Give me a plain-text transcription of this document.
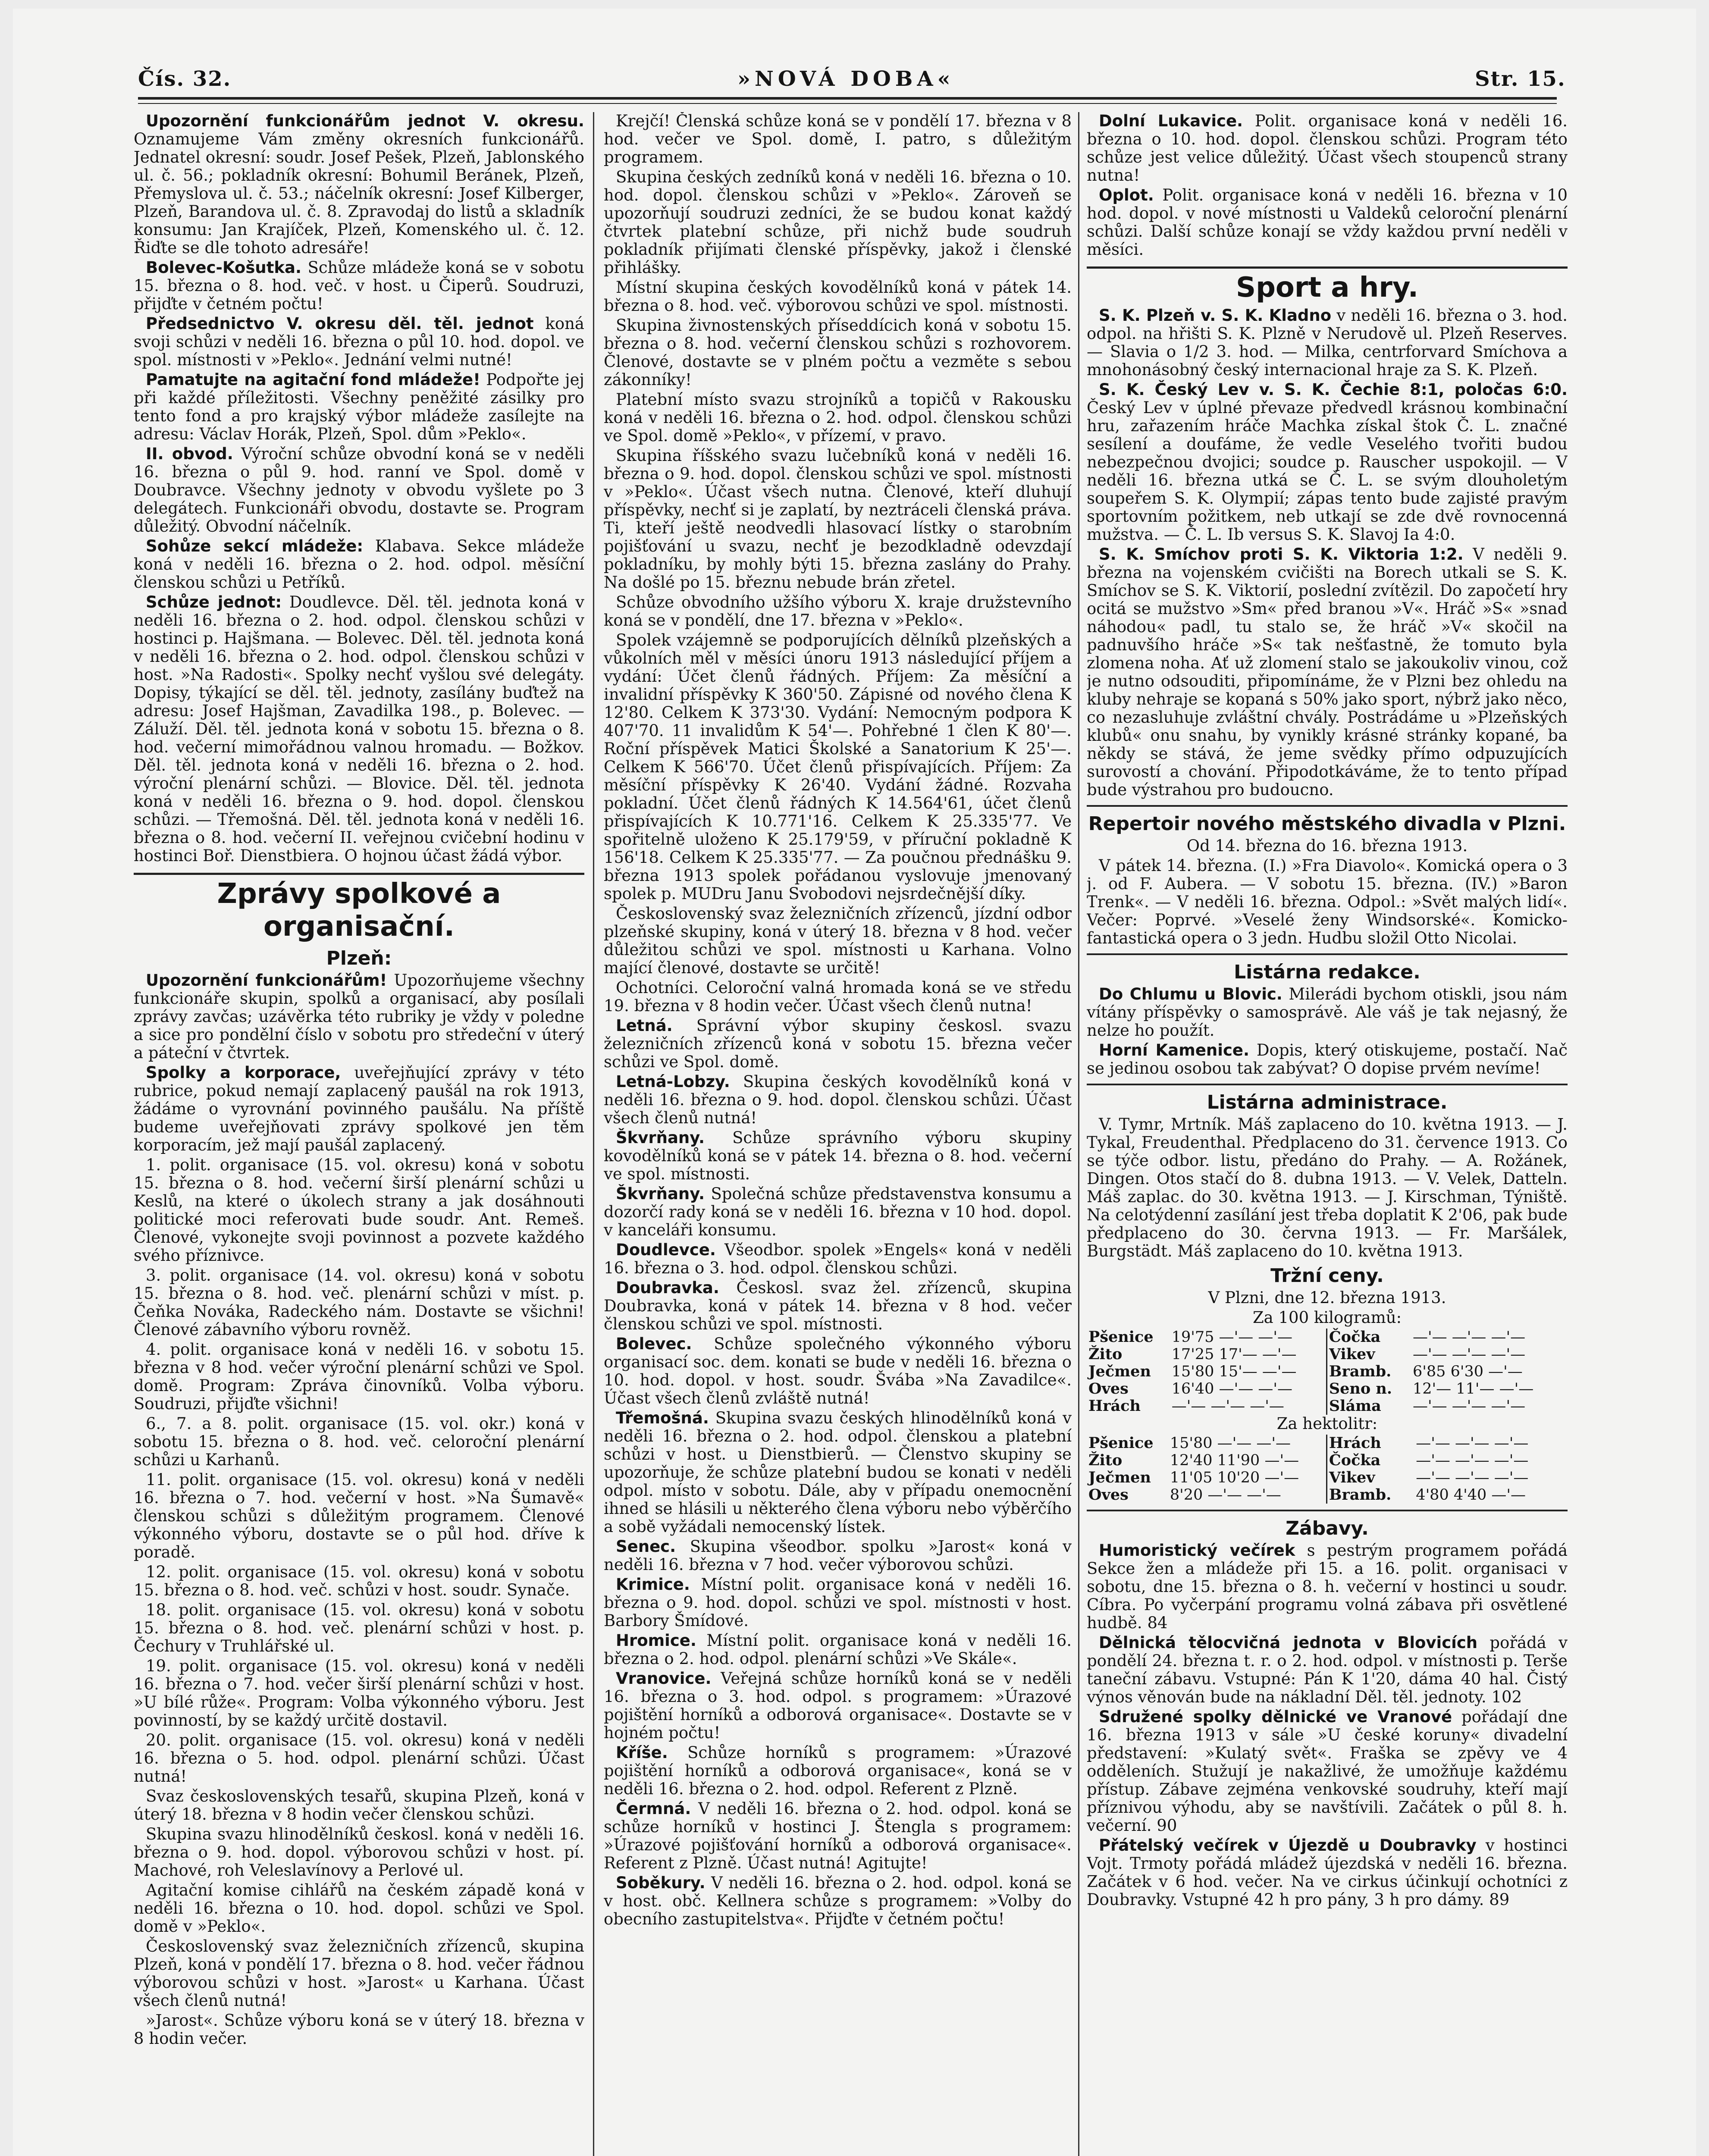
Čís. 32.	»NOVÁ DOBA«	Str. 15.

Upozornění funkcionářům jednot V. okresu. Oznamujeme Vám změny okresních funkcionářů. Jednatel okresní: soudr. Josef Pešek, Plzeň, Jablonského ul. č. 56.; pokladník okresní: Bohumil Beránek, Plzeň, Přemyslova ul. č. 53.; náčelník okresní: Josef Kilberger, Plzeň, Barandova ul. č. 8. Zpravodaj do listů a skladník konsumu: Jan Krajíček, Plzeň, Komenského ul. č. 12. Řiďte se dle tohoto adresáře!

Bolevec-Košutka. Schůze mládeže koná se v sobotu 15. března o 8. hod. več. v host. u Čiperů. Soudruzi, přijďte v četném počtu!

Předsednictvo V. okresu děl. těl. jednot koná svoji schůzi v neděli 16. března o půl 10. hod. dopol. ve spol. místnosti v »Peklo«. Jednání velmi nutné!

Pamatujte na agitační fond mládeže! Podpořte jej při každé příležitosti. Všechny peněžité zásilky pro tento fond a pro krajský výbor mládeže zasílejte na adresu: Václav Horák, Plzeň, Spol. dům »Peklo«.

II. obvod. Výroční schůze obvodní koná se v neděli 16. března o půl 9. hod. ranní ve Spol. domě v Doubravce. Všechny jednoty v obvodu vyšlete po 3 delegátech. Funkcionáři obvodu, dostavte se. Program důležitý. Obvodní náčelník.

Sohůze sekcí mládeže: Klabava. Sekce mládeže koná v neděli 16. března o 2. hod. odpol. měsíční členskou schůzi u Petříků.

Schůze jednot: Doudlevce. Děl. těl. jednota koná v neděli 16. března o 2. hod. odpol. členskou schůzi v hostinci p. Hajšmana. — Bolevec. Děl. těl. jednota koná v neděli 16. března o 2. hod. odpol. členskou schůzi v host. »Na Radosti«. Spolky nechť vyšlou své delegáty. Dopisy, týkající se děl. těl. jednoty, zasílány buďtež na adresu: Josef Hajšman, Zavadilka 198., p. Bolevec. — Záluží. Děl. těl. jednota koná v sobotu 15. března o 8. hod. večerní mimořádnou valnou hromadu. — Božkov. Děl. těl. jednota koná v neděli 16. března o 2. hod. výroční plenární schůzi. — Blovice. Děl. těl. jednota koná v neděli 16. března o 9. hod. dopol. členskou schůzi. — Třemošná. Děl. těl. jednota koná v neděli 16. března o 8. hod. večerní II. veřejnou cvičební hodinu v hostinci Boř. Dienstbiera. O hojnou účast žádá výbor.

Zprávy spolkové a organisační.
Plzeň:

Upozornění funkcionářům! Upozorňujeme všechny funkcionáře skupin, spolků a organisací, aby posílali zprávy zavčas; uzávěrka této rubriky je vždy v poledne a sice pro pondělní číslo v sobotu pro středeční v úterý a páteční v čtvrtek.

Spolky a korporace, uveřejňující zprávy v této rubrice, pokud nemají zaplacený paušál na rok 1913, žádáme o vyrovnání povinného paušálu. Na příště budeme uveřejňovati zprávy spolkové jen těm korporacím, jež mají paušál zaplacený.

1. polit. organisace (15. vol. okresu) koná v sobotu 15. března o 8. hod. večerní širší plenární schůzi u Keslů, na které o úkolech strany a jak dosáhnouti politické moci referovati bude soudr. Ant. Remeš. Členové, vykonejte svoji povinnost a pozvete každého svého příznivce.

3. polit. organisace (14. vol. okresu) koná v sobotu 15. března o 8. hod. več. plenární schůzi v míst. p. Čeňka Nováka, Radeckého nám. Dostavte se všichni! Členové zábavního výboru rovněž.

4. polit. organisace koná v neděli 16. v sobotu 15. března v 8 hod. večer výroční plenární schůzi ve Spol. domě. Program: Zpráva činovníků. Volba výboru. Soudruzi, přijďte všichni!

6., 7. a 8. polit. organisace (15. vol. okr.) koná v sobotu 15. března o 8. hod. več. celoroční plenární schůzi u Karhanů.

11. polit. organisace (15. vol. okresu) koná v neděli 16. března o 7. hod. večerní v host. »Na Šumavě« členskou schůzi s důležitým programem. Členové výkonného výboru, dostavte se o půl hod. dříve k poradě.

12. polit. organisace (15. vol. okresu) koná v sobotu 15. března o 8. hod. več. schůzi v host. soudr. Synače.

18. polit. organisace (15. vol. okresu) koná v sobotu 15. března o 8. hod. več. plenární schůzi v host. p. Čechury v Truhlářské ul.

19. polit. organisace (15. vol. okresu) koná v neděli 16. března o 7. hod. večer širší plenární schůzi v host. »U bílé růže«. Program: Volba výkonného výboru. Jest povinností, by se každý určitě dostavil.

20. polit. organisace (15. vol. okresu) koná v neděli 16. března o 5. hod. odpol. plenární schůzi. Účast nutná!

Svaz československých tesařů, skupina Plzeň, koná v úterý 18. března v 8 hodin večer členskou schůzi.

Skupina svazu hlinodělníků českosl. koná v neděli 16. března o 9. hod. dopol. výborovou schůzi v host. pí. Machové, roh Veleslavínovy a Perlové ul.

Agitační komise cihlářů na českém západě koná v neděli 16. března o 10. hod. dopol. schůzi ve Spol. domě v »Peklo«.

Československý svaz železničních zřízenců, skupina Plzeň, koná v pondělí 17. března o 8. hod. večer řádnou výborovou schůzi v host. »Jarost« u Karhana. Účast všech členů nutná!

»Jarost«. Schůze výboru koná se v úterý 18. března v 8 hodin večer.

Krejčí! Členská schůze koná se v pondělí 17. března v 8 hod. večer ve Spol. domě, I. patro, s důležitým programem.

Skupina českých zedníků koná v neděli 16. března o 10. hod. dopol. členskou schůzi v »Peklo«. Zároveň se upozorňují soudruzi zedníci, že se budou konat každý čtvrtek platební schůze, při nichž bude soudruh pokladník přijímati členské příspěvky, jakož i členské přihlášky.

Místní skupina českých kovodělníků koná v pátek 14. března o 8. hod. več. výborovou schůzi ve spol. místnosti.

Skupina živnostenských příseddícich koná v sobotu 15. března o 8. hod. večerní členskou schůzi s rozhovorem. Členové, dostavte se v plném počtu a vezměte s sebou zákonníky!

Platební místo svazu strojníků a topičů v Rakousku koná v neděli 16. března o 2. hod. odpol. členskou schůzi ve Spol. domě »Peklo«, v přízemí, v pravo.

Skupina říšského svazu lučebníků koná v neděli 16. března o 9. hod. dopol. členskou schůzi ve spol. místnosti v »Peklo«. Účast všech nutna. Členové, kteří dluhují příspěvky, nechť si je zaplatí, by neztráceli členská práva. Ti, kteří ještě neodvedli hlasovací lístky o starobním pojišťování u svazu, nechť je bezodkladně odevzdají pokladníku, by mohly býti 15. března zaslány do Prahy. Na došlé po 15. březnu nebude brán zřetel.

Schůze obvodního užšího výboru X. kraje družstevního koná se v pondělí, dne 17. března v »Peklo«.

Spolek vzájemně se podporujících dělníků plzeňských a vůkolních měl v měsíci únoru 1913 následující příjem a vydání: Účet členů řádných. Příjem: Za měsíční a invalidní příspěvky K 360'50. Zápisné od nového člena K 12'80. Celkem K 373'30. Vydání: Nemocným podpora K 407'70. 11 invalidům K 54'—. Pohřebné 1 člen K 80'—. Roční příspěvek Matici Školské a Sanatorium K 25'—. Celkem K 566'70. Účet členů přispívajících. Příjem: Za měsíční příspěvky K 26'40. Vydání žádné. Rozvaha pokladní. Účet členů řádných K 14.564'61, účet členů přispívajících K 10.771'16. Celkem K 25.335'77. Ve spořitelně uloženo K 25.179'59, v příruční pokladně K 156'18. Celkem K 25.335'77. — Za poučnou přednášku 9. března 1913 spolek pořádanou vyslovuje jmenovaný spolek p. MUDru Janu Svobodovi nejsrdečnější díky.

Československý svaz železničních zřízenců, jízdní odbor plzeňské skupiny, koná v úterý 18. března v 8 hod. večer důležitou schůzi ve spol. místnosti u Karhana. Volno mající členové, dostavte se určitě!

Ochotníci. Celoroční valná hromada koná se ve středu 19. března v 8 hodin večer. Účast všech členů nutna!

Letná. Správní výbor skupiny českosl. svazu železničních zřízenců koná v sobotu 15. března večer schůzi ve Spol. domě.

Letná-Lobzy. Skupina českých kovodělníků koná v neděli 16. března o 9. hod. dopol. členskou schůzi. Účast všech členů nutná!

Škvrňany. Schůze správního výboru skupiny kovodělníků koná se v pátek 14. března o 8. hod. večerní ve spol. místnosti.

Škvrňany. Společná schůze představenstva konsumu a dozorčí rady koná se v neděli 16. března v 10 hod. dopol. v kanceláři konsumu.

Doudlevce. Všeodbor. spolek »Engels« koná v neděli 16. března o 3. hod. odpol. členskou schůzi.

Doubravka. Českosl. svaz žel. zřízenců, skupina Doubravka, koná v pátek 14. března v 8 hod. večer členskou schůzi ve spol. místnosti.

Bolevec. Schůze společného výkonného výboru organisací soc. dem. konati se bude v neděli 16. března o 10. hod. dopol. v host. soudr. Švába »Na Zavadilce«. Účast všech členů zvláště nutná!

Třemošná. Skupina svazu českých hlinodělníků koná v neděli 16. března o 2. hod. odpol. členskou a platební schůzi v host. u Dienstbierů. — Členstvo skupiny se upozorňuje, že schůze platební budou se konati v neděli odpol. místo v sobotu. Dále, aby v případu onemocnění ihned se hlásili u některého člena výboru nebo výběrčího a sobě vyžádali nemocenský lístek.

Senec. Skupina všeodbor. spolku »Jarost« koná v neděli 16. března v 7 hod. večer výborovou schůzi.

Krimice. Místní polit. organisace koná v neděli 16. března o 9. hod. dopol. schůzi ve spol. místnosti v host. Barbory Šmídové.

Hromice. Místní polit. organisace koná v neděli 16. března o 2. hod. odpol. plenární schůzi »Ve Skále«.

Vranovice. Veřejná schůze horníků koná se v neděli 16. března o 3. hod. odpol. s programem: »Úrazové pojištění horníků a odborová organisace«. Dostavte se v hojném počtu!

Kříše. Schůze horníků s programem: »Úrazové pojištění horníků a odborová organisace«, koná se v neděli 16. března o 2. hod. odpol. Referent z Plzně.

Čermná. V neděli 16. března o 2. hod. odpol. koná se schůze horníků v hostinci J. Štengla s programem: »Úrazové pojišťování horníků a odborová organisace«. Referent z Plzně. Účast nutná! Agitujte!

Soběkury. V neděli 16. března o 2. hod. odpol. koná se v host. obč. Kellnera schůze s programem: »Volby do obecního zastupitelstva«. Přijďte v četném počtu!

Dolní Lukavice. Polit. organisace koná v neděli 16. března o 10. hod. dopol. členskou schůzi. Program této schůze jest velice důležitý. Účast všech stoupenců strany nutna!

Oplot. Polit. organisace koná v neděli 16. března v 10 hod. dopol. v nové místnosti u Valdeků celoroční plenární schůzi. Další schůze konají se vždy každou první neděli v měsíci.

Sport a hry.

S. K. Plzeň v. S. K. Kladno v neděli 16. března o 3. hod. odpol. na hřišti S. K. Plzně v Nerudově ul. Plzeň Reserves. — Slavia o 1/2 3. hod. — Milka, centrforvard Smíchova a mnohonásobný český internacional hraje za S. K. Plzeň.

S. K. Český Lev v. S. K. Čechie 8:1, poločas 6:0. Český Lev v úplné převaze předvedl krásnou kombinační hru, zařazením hráče Machka získal štok Č. L. značné sesílení a doufáme, že vedle Veselého tvořiti budou nebezpečnou dvojici; soudce p. Rauscher uspokojil. — V neděli 16. března utká se Č. L. se svým dlouholetým soupeřem S. K. Olympií; zápas tento bude zajisté pravým sportovním požitkem, neb utkají se zde dvě rovnocenná mužstva. — Č. L. Ib versus S. K. Slavoj Ia 4:0.

S. K. Smíchov proti S. K. Viktoria 1:2. V neděli 9. března na vojenském cvičišti na Borech utkali se S. K. Smíchov se S. K. Viktorií, poslední zvítězil. Do započetí hry ocitá se mužstvo »Sm« před branou »V«. Hráč »S« »snad náhodou« padl, tu stalo se, že hráč »V« skočil na padnuvšího hráče »S« tak nešťastně, že tomuto byla zlomena noha. Ať už zlomení stalo se jakoukoliv vinou, což je nutno odsouditi, připomínáme, že v Plzni bez ohledu na kluby nehraje se kopaná s 50% jako sport, nýbrž jako něco, co nezasluhuje zvláštní chvály. Postrádáme u »Plzeňských klubů« onu snahu, by vynikly krásné stránky kopané, ba někdy se stává, že jeme svědky přímo odpuzujících surovostí a chování. Připodotkáváme, že to tento případ bude výstrahou pro budoucno.

Repertoir nového městského divadla v Plzni.

Od 14. března do 16. března 1913.

V pátek 14. března. (I.) »Fra Diavolo«. Komická opera o 3 j. od F. Aubera. — V sobotu 15. března. (IV.) »Baron Trenk«. — V neděli 16. března. Odpol.: »Svět malých lidí«. Večer: Poprvé. »Veselé ženy Windsorské«. Komicko-fantastická opera o 3 jedn. Hudbu složil Otto Nicolai.

Listárna redakce.

Do Chlumu u Blovic. Milerádi bychom otiskli, jsou nám vítány příspěvky o samosprávě. Ale váš je tak nejasný, že nelze ho použít.

Horní Kamenice. Dopis, který otiskujeme, postačí. Nač se jedinou osobou tak zabývat? O dopise prvém nevíme!

Listárna administrace.

V. Tymr, Mrtník. Máš zaplaceno do 10. května 1913. — J. Tykal, Freudenthal. Předplaceno do 31. července 1913. Co se týče odbor. listu, předáno do Prahy. — A. Rožánek, Dingen. Otos stačí do 8. dubna 1913. — V. Velek, Datteln. Máš zaplac. do 30. května 1913. — J. Kirschman, Týniště. Na celotýdenní zasílání jest třeba doplatit K 2'06, pak bude předplaceno do 30. června 1913. — Fr. Maršálek, Burgstädt. Máš zaplaceno do 10. května 1913.

Tržní ceny.

V Plzni, dne 12. března 1913.

Za 100 kilogramů:

Pšenice	19'75 —'— —'—
Žito	17'25 17'— —'—
Ječmen	15'80 15'— —'—
Oves	16'40 —'— —'—
Hrách	—'— —'— —'—
Čočka	—'— —'— —'—
Vikev	—'— —'— —'—
Bramb.	6'85 6'30 —'—
Seno n.	12'— 11'— —'—
Sláma	—'— —'— —'—

Za hektolitr:

Pšenice	15'80 —'— —'—
Žito	12'40 11'90 —'—
Ječmen	11'05 10'20 —'—
Oves	8'20 —'— —'—
Hrách	—'— —'— —'—
Čočka	—'— —'— —'—
Vikev	—'— —'— —'—
Bramb.	4'80 4'40 —'—
Zábavy.

Humoristický večírek s pestrým programem pořádá Sekce žen a mládeže při 15. a 16. polit. organisaci v sobotu, dne 15. března o 8. h. večerní v hostinci u soudr. Cíbra. Po vyčerpání programu volná zábava při osvětlené hudbě. 84

Dělnická tělocvičná jednota v Blovicích pořádá v pondělí 24. března t. r. o 2. hod. odpol. v místnosti p. Terše taneční zábavu. Vstupné: Pán K 1'20, dáma 40 hal. Čistý výnos věnován bude na nákladní Děl. těl. jednoty. 102

Sdružené spolky dělnické ve Vranové pořádají dne 16. března 1913 v sále »U české koruny« divadelní představení: »Kulatý svět«. Fraška se zpěvy ve 4 odděleních. Stužují je nakažlivé, že umožňuje každému přístup. Zábave zejména venkovské soudruhy, kteří mají příznivou výhodu, aby se navštívili. Začátek o půl 8. h. večerní. 90

Přátelský večírek v Újezdě u Doubravky v hostinci Vojt. Trmoty pořádá mládež újezdská v neděli 16. března. Začátek v 6 hod. večer. Na ve cirkus účinkují ochotníci z Doubravky. Vstupné 42 h pro pány, 3 h pro dámy. 89
